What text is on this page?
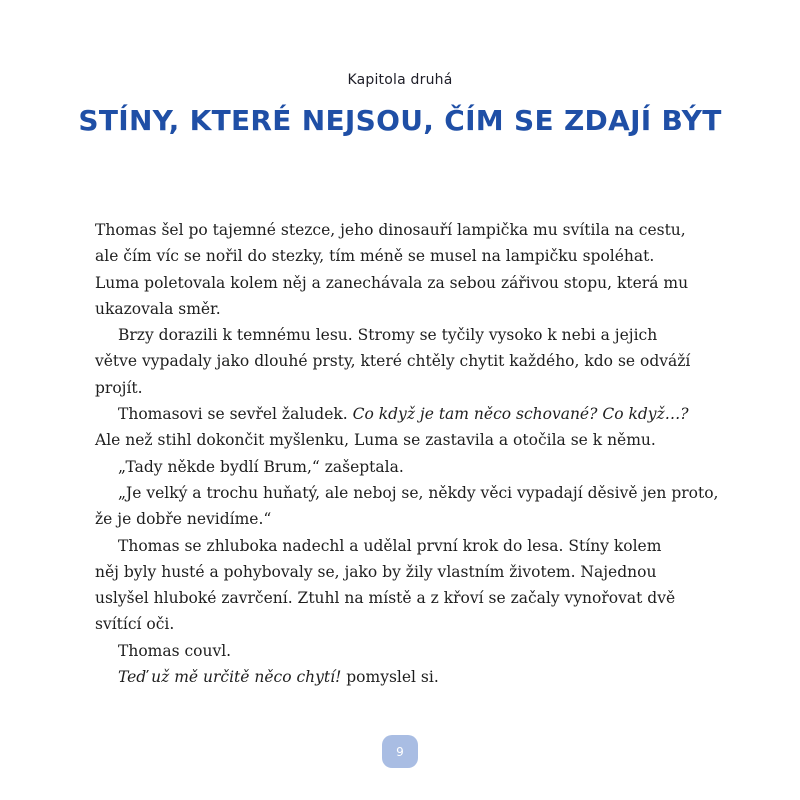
Kapitola druhá
STÍNY, KTERÉ NEJSOU, ČÍM SE ZDAJÍ BÝT
Thomas šel po tajemné stezce, jeho dinosauří lampička mu svítila na cestu,
ale čím víc se nořil do stezky, tím méně se musel na lampičku spoléhat.
Luma poletovala kolem něj a zanechávala za sebou zářivou stopu, která mu
ukazovala směr.
Brzy dorazili k temnému lesu. Stromy se tyčily vysoko k nebi a jejich
větve vypadaly jako dlouhé prsty, které chtěly chytit každého, kdo se odváží
projít.
Thomasovi se sevřel žaludek. Co když je tam něco schované? Co když…?
Ale než stihl dokončit myšlenku, Luma se zastavila a otočila se k němu.
„Tady někde bydlí Brum,“ zašeptala.
„Je velký a trochu huňatý, ale neboj se, někdy věci vypadají děsivě jen proto,
že je dobře nevidíme.“
Thomas se zhluboka nadechl a udělal první krok do lesa. Stíny kolem
něj byly husté a pohybovaly se, jako by žily vlastním životem. Najednou
uslyšel hluboké zavrčení. Ztuhl na místě a z křoví se začaly vynořovat dvě
svítící oči.
Thomas couvl.
Teď už mě určitě něco chytí! pomyslel si.
9
